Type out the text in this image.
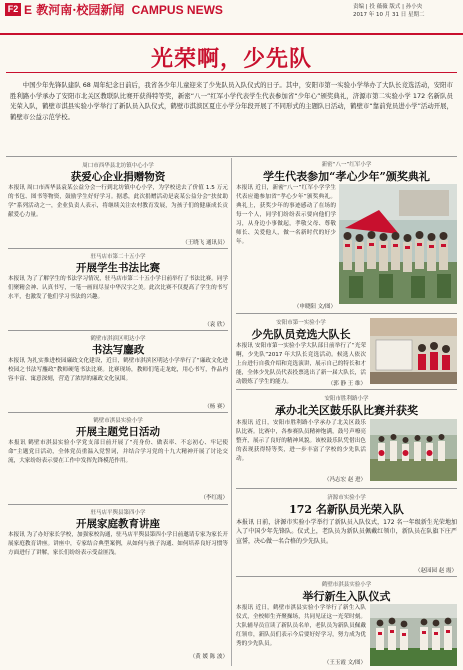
F2 E 教河南·校园新闻 CAMPUS NEWS	责编 | 投 薇薇 版式 | 孙小央
2017 年 10 月 31 日 星期二
光荣啊，少先队
中国少年先锋队建队 68 周年纪念日前后，我省各少年儿童迎来了少先队员入队仪式的日子。其中，安阳市第一实验小学举办了大队长竞选活动，安阳市胜利路小学承办了安阳市北关区教联队比赛开获得特等奖，新密“八一”红军小学代表学生代表参加省“少年心”颁奖典礼，济源市第二实验小学 172 名新队员光荣入队，鹤壁市淇县实验小学举行了新队员入队仪式，鹤壁市淇滨区夏庄小学分年段开展了不同形式的主题队日活动，鹤壁市“靠前党员进小学”活动开展，鹤壁市公益示范学校。
周口市西华县北坊镇中心小学
获爱心企业捐赠物资
本报讯 周口市西华县袁某公益分会一行到北坊镇中心小学，为学校送去了价值 1.5 万元的书包、图书等物资，鼓励学生好好学习。据悉，此次捐赠活动是袁某公益分会“扶贫助学”系列活动之一，企业负责人表示，将继续关注农村教育发展，为孩子们的健康成长贡献爱心力量。
（王晓飞 通讯员）
驻马店市第二十五小学
开展学生书法比赛
本报讯 为了了解学生的书法学习情况，驻马店市第二十五小学日前举行了书法比赛。同学们聚精会神、认真书写，一笔一画间尽显中华汉字之美。此次比赛不仅提高了学生的书写水平，也激发了他们学习书法的兴趣。
（袁 欣）
鹤壁市淇滨区明达小学
书法写鏖政
本报讯 为扎实推进校园廉政文化建设，近日，鹤壁市淇滨区明达小学举行了“廉政文化进校园之书法写鏖政”教师硬笔书法比赛。比赛现场，教师们笔走龙蛇，用心书写，作品内容丰富、寓意深刻，营造了浓厚的廉政文化氛围。
（杨 赛）
鹤壁市淇县实验小学
开展主题党日活动
本报讯 鹤壁市淇县实验小学党支部日前开展了“亮身份、做表率、不忘初心、牢记使命”主题党日活动，全体党员重温入党誓词，并结合学习党的十九大精神开展了讨论交流，大家纷纷表示要在工作中发挥先锋模范作用。
（李红霞）
驻马店平舆县第四小学
开展家庭教育讲座
本报讯 为了办好家长学校，加强家校沟通，驻马店平舆县第四小学日前邀请专家为家长开展家庭教育讲座。讲座中，专家结合典型案例，从如何与孩子沟通、如何培养良好习惯等方面进行了讲解，家长们纷纷表示受益匪浅。
（黄 媛 陈 波）
新密“八一”红军小学
学生代表参加“孝心少年”颁奖典礼
本报讯 近日，新密“八一”红军小学学生代表应邀参加省“孝心少年”颁奖典礼。典礼上，获奖少年的事迹感动了在场的每一个人，同学们纷纷表示要向他们学习，从身边小事做起，孝敬父母、尊敬师长、关爱他人，做一名新时代的好少年。
（申晓阳 文/图）
安阳市第一实验小学
少先队员竞选大队长
本报讯 安阳市第一实验小学大队部日前举行了“光荣啊，少先队”2017 年大队长竞选活动。候选人依次上台进行自我介绍和竞选演讲，展示自己的特长和才能，全体少先队员代表投票选出了新一届大队长，活动锻炼了学生的能力。	（郭 静 王 维）
安阳市胜利路小学
承办北关区鼓乐队比赛并获奖
本报讯 近日，安阳市胜利路小学承办了北关区鼓乐队比赛。比赛中，各参赛队员精神饱满，鼓号声嘹亮整齐，展示了良好的精神风貌。该校鼓乐队凭借出色的表现获得特等奖，进一步丰富了学校的少先队活动。
（冯志宏 赵 进）
济源市实验小学
172 名新队员光荣入队
本报讯 日前，济源市实验小学举行了新队员入队仪式，172 名一年级新生光荣地加入了中国少年先锋队。仪式上，老队员为新队员佩戴红领巾，新队员在队旗下庄严宣誓，决心做一名合格的少先队员。
（赵园园 赵 霞）
鹤壁市淇县实验小学
举行新生入队仪式
本报讯 近日，鹤壁市淇县实验小学举行了新生入队仪式，全校师生齐聚操场，共同见证这一光荣时刻。大队辅导员宣读了新队员名单，老队员为新队员佩戴红领巾，新队员们表示今后要好好学习，努力成为优秀的少先队员。
（王玉霞 文/图）
